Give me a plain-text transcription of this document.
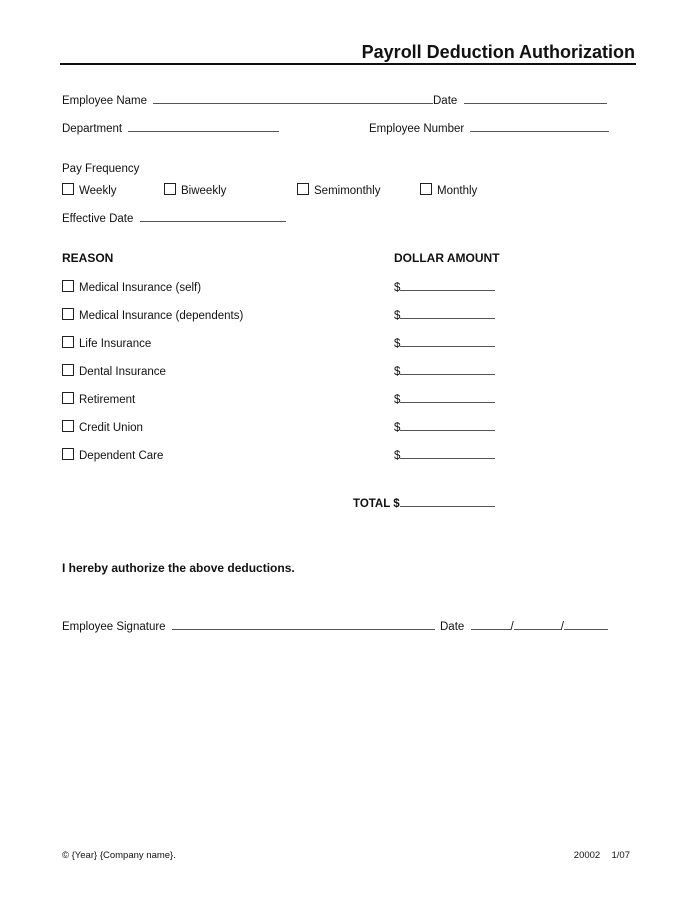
Payroll Deduction Authorization
Employee Name	Date
Department	Employee Number
Pay Frequency
Weekly	Biweekly	Semimonthly	Monthly
Effective Date
REASON	DOLLAR AMOUNT
Medical Insurance (self)	$
Medical Insurance (dependents)	$
Life Insurance	$
Dental Insurance	$
Retirement	$
Credit Union	$
Dependent Care	$
TOTAL $
I hereby authorize the above deductions.
Employee Signature	Date	/	/
© {Year} {Company name}.	20002 1/07
